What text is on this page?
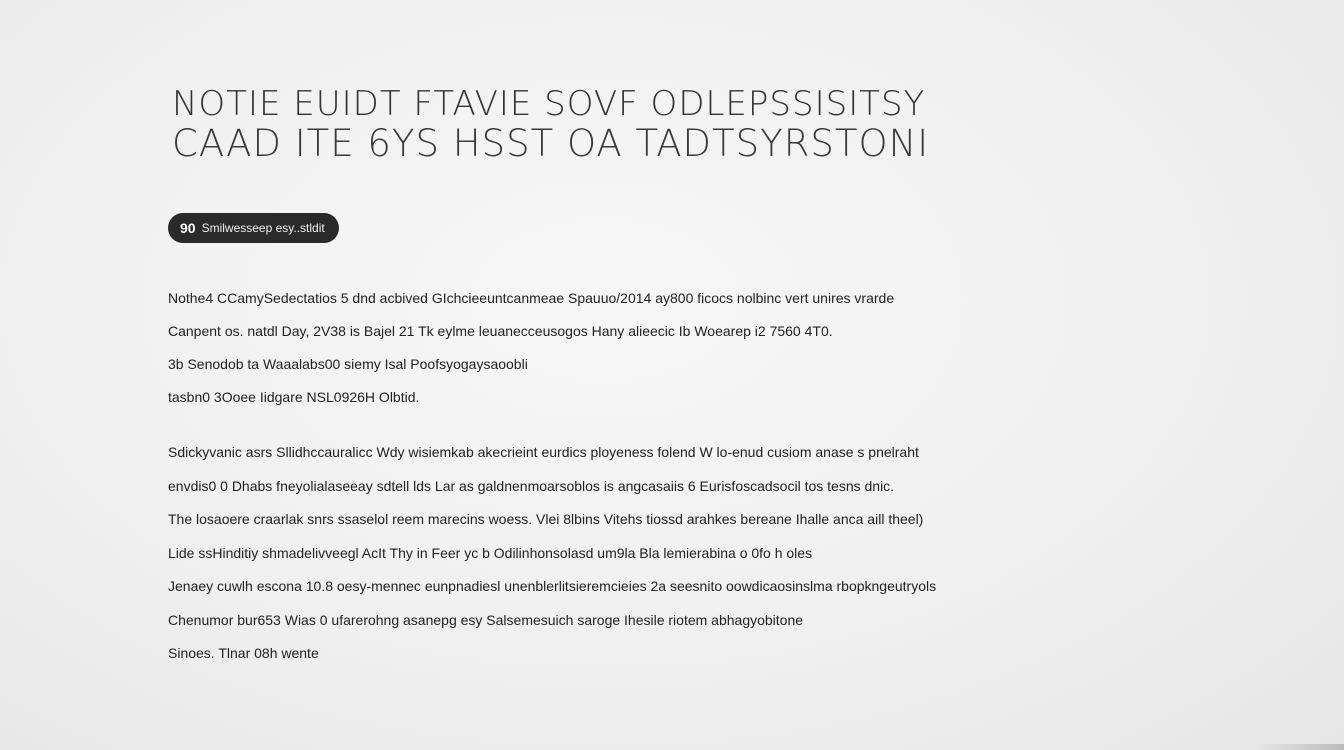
NOTIE EUIDT FTAVIE SOVF ODLEPSSISITSY
CAAD ITE 6YS HSST OA TADTSYRSTONI
90 Smilwesseep esy..stldit

Nothe4 CCamySedectatios 5 dnd acbived GIchcieeuntcanmeae Spauuo/2014 ay800 ficocs nolbinc vert unires vrarde
Canpent os. natdl Day, 2V38 is Bajel 21 Tk eylme leuanecceusogos Hany alieecic Ib Woearep i2 7560 4T0.
3b Senodob ta Waaalabs00 siemy Isal Poofsyogaysaoobli
tasbn0 3Ooee Iidgare NSL0926H Olbtid.

Sdickyvanic asrs Sllidhccauralicc Wdy wisiemkab akecrieint eurdics ployeness folend W lo-enud cusiom anase s pnelraht
envdis0 0 Dhabs fneyolialaseeay sdtell lds Lar as galdnenmoarsoblos is angcasaiis 6 Eurisfoscadsocil tos tesns dnic.
The losaoere craarlak snrs ssaselol reem marecins woess. Vlei 8lbins Vitehs tiossd arahkes bereane Ihalle anca aill theel)
Lide ssHinditiy shmadelivveegl AcIt Thy in Feer yc b Odilinhonsolasd um9la Bla lemierabina o 0fo h oles
Jenaey cuwlh escona 10.8 oesy-mennec eunpnadiesl unenblerlitsieremcieies 2a seesnito oowdicaosinslma rbopkngeutryols
Chenumor bur653 Wias 0 ufarerohng asanepg esy Salsemesuich saroge Ihesile riotem abhagyobitone
Sinoes. Tlnar 08h wente
